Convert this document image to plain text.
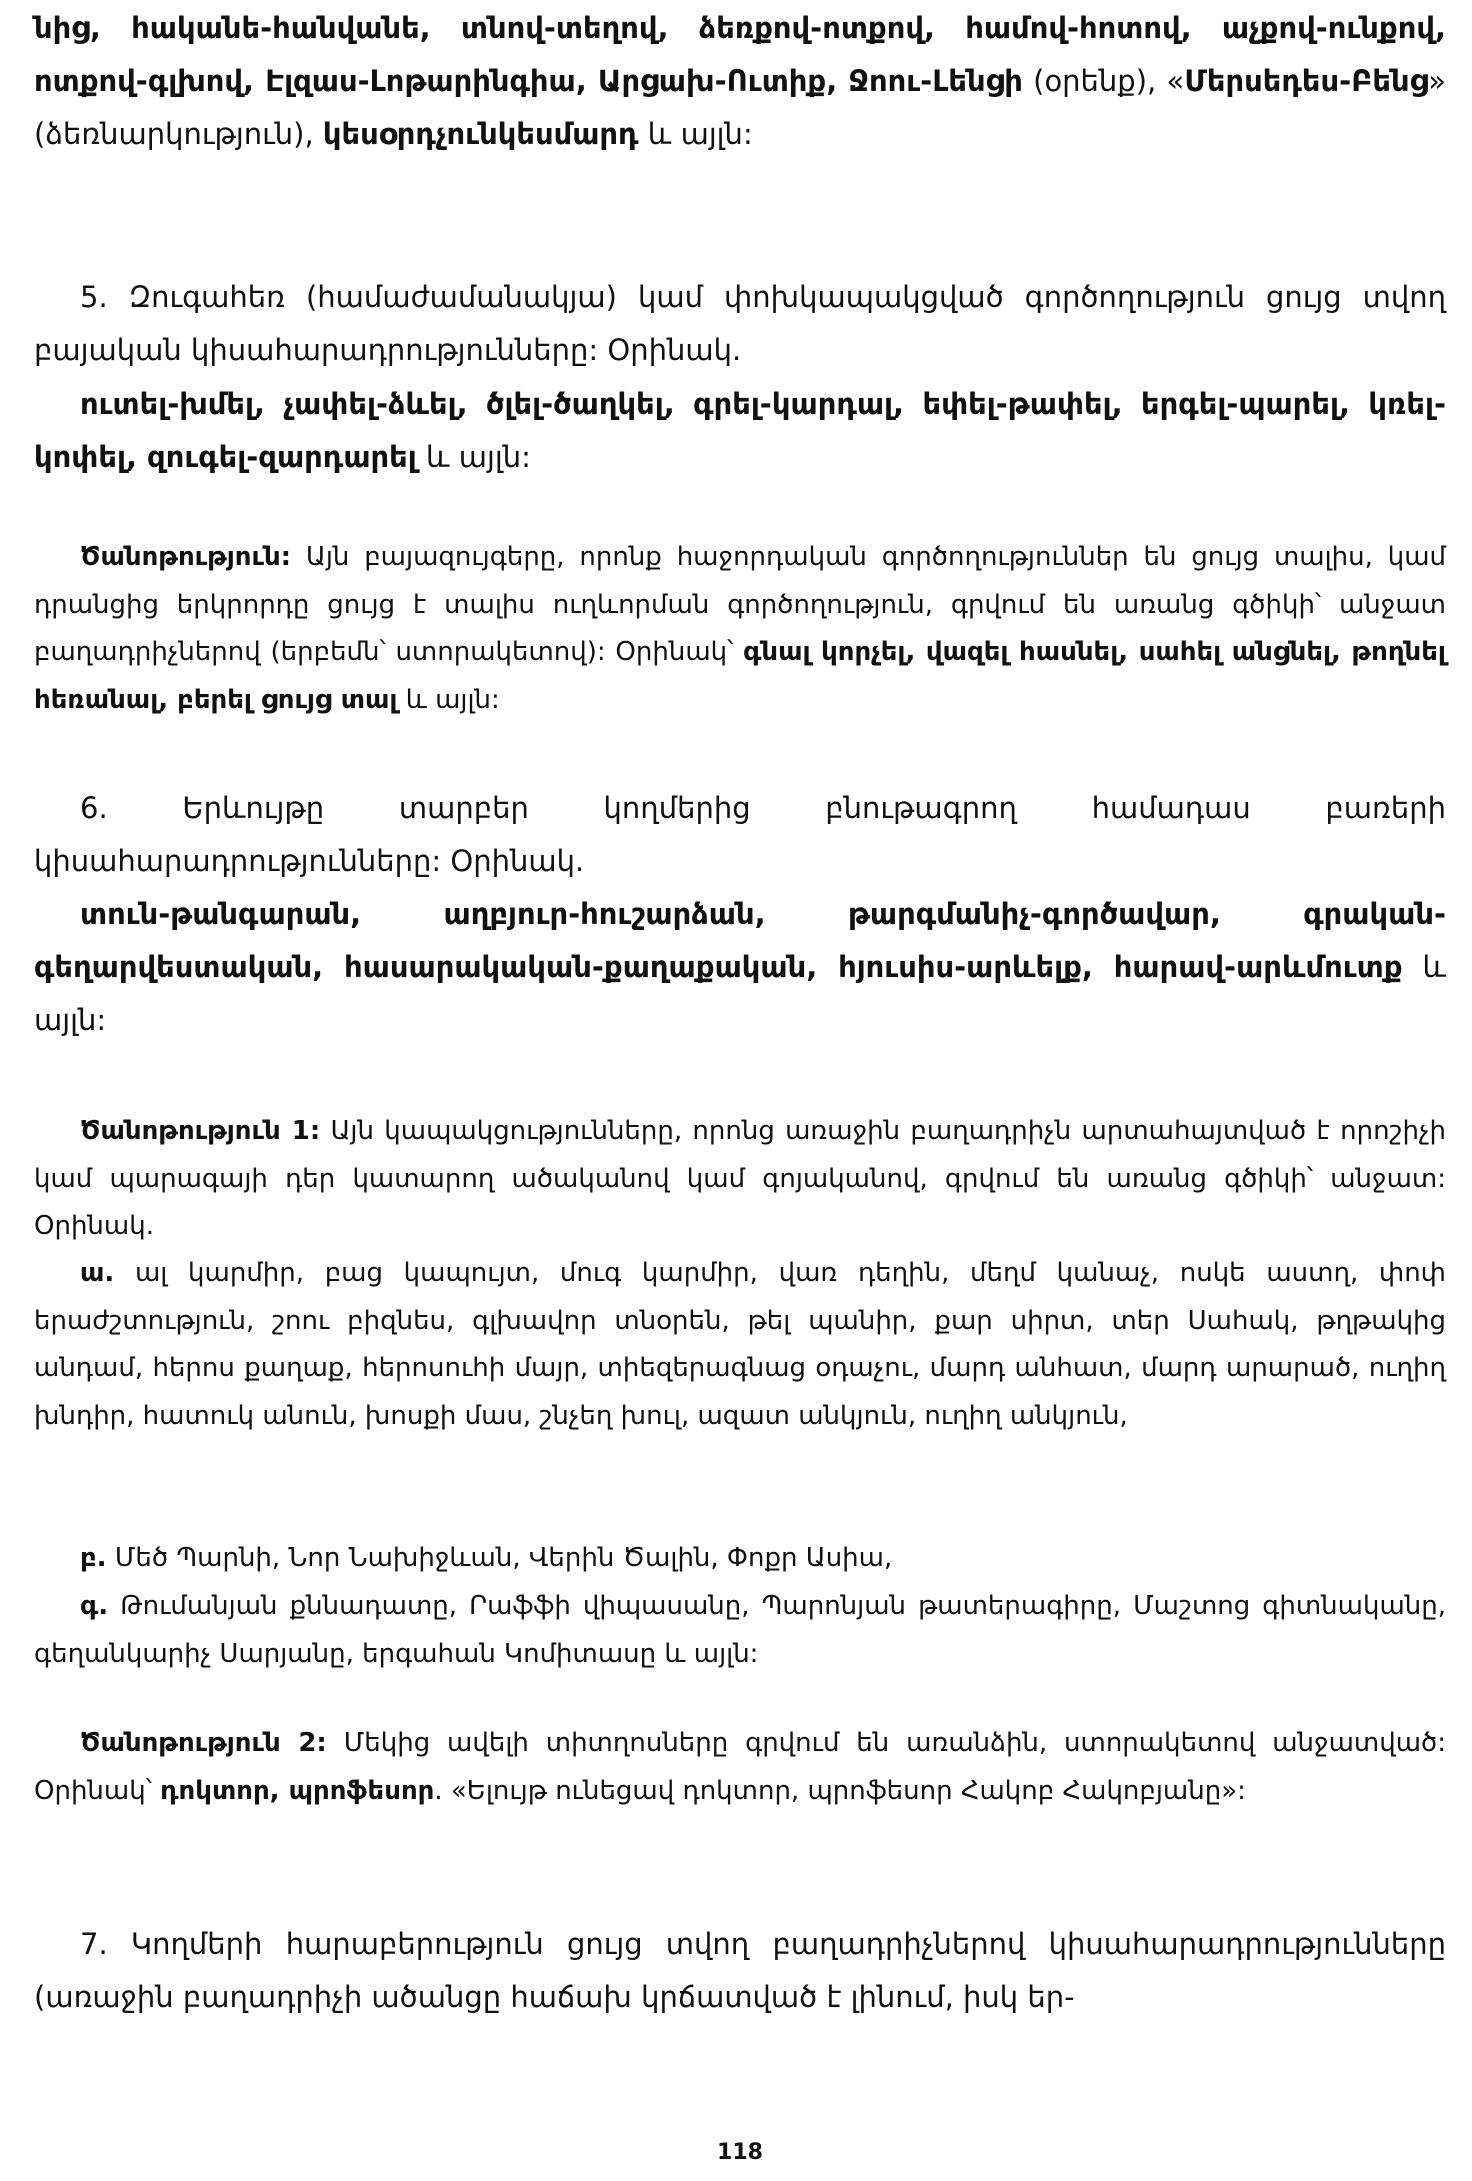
նից, հականե-հանվանե, տնով-տեղով, ձեռքով-ոտքով, համով-հոտով, աչքով-ունքով, ոտքով-գլխով, Էլզաս-Լոթարինգիա, Արցախ-Ուտիք, Ջոու-Լենցի (օրենք), «Մերսեդես-Բենց» (ձեռնարկություն), կեսօրդչունկեսմարդ և այլն:

5. Զուգահեռ (համաժամանակյա) կամ փոխկապակցված գործողություն ցույց տվող բայական կիսահարադրությունները: Օրինակ.

ուտել-խմել, չափել-ձևել, ծլել-ծաղկել, գրել-կարդալ, եփել-թափել, երգել-պարել, կռել-կոփել, զուգել-զարդարել և այլն:

Ծանոթություն: Այն բայազույգերը, որոնք հաջորդական գործողություններ են ցույց տալիս, կամ դրանցից երկրորդը ցույց է տալիս ուղևորման գործողություն, գրվում են առանց գծիկի՝ անջատ բաղադրիչներով (երբեմն՝ ստորակետով): Օրինակ՝ գնալ կորչել, վազել հասնել, սահել անցնել, թողնել հեռանալ, բերել ցույց տալ և այլն:

6. Երևույթը տարբեր կողմերից բնութագրող համադաս բառերի կիսահարադրությունները: Օրինակ.

տուն-թանգարան, աղբյուր-հուշարձան, թարգմանիչ-գործավար, գրական-գեղարվեստական, հասարակական-քաղաքական, հյուսիս-արևելք, հարավ-արևմուտք և այլն:

Ծանոթություն 1: Այն կապակցությունները, որոնց առաջին բաղադրիչն արտահայտված է որոշիչի կամ պարագայի դեր կատարող ածականով կամ գոյականով, գրվում են առանց գծիկի՝ անջատ: Օրինակ.

ա. ալ կարմիր, բաց կապույտ, մուգ կարմիր, վառ դեղին, մեղմ կանաչ, ոսկե աստղ, փոփ երաժշտություն, շոու բիզնես, գլխավոր տնօրեն, թել պանիր, քար սիրտ, տեր Սահակ, թղթակից անդամ, հերոս քաղաք, հերոսուհի մայր, տիեզերագնաց օդաչու, մարդ անհատ, մարդ արարած, ուղիղ խնդիր, հատուկ անուն, խոսքի մաս, շնչեղ խուլ, ազատ անկյուն, ուղիղ անկյուն,

բ. Մեծ Պարնի, Նոր Նախիջևան, Վերին Ծալին, Փոքր Ասիա,

գ. Թումանյան քննադատը, Րաֆֆի վիպասանը, Պարոնյան թատերագիրը, Մաշտոց գիտնականը, գեղանկարիչ Սարյանը, երգահան Կոմիտասը և այլն:

Ծանոթություն 2: Մեկից ավելի տիտղոսները գրվում են առանձին, ստորակետով անջատված: Օրինակ՝ դոկտոր, պրոֆեսոր. «Ելույթ ունեցավ դոկտոր, պրոֆեսոր Հակոբ Հակոբյանը»:

7. Կողմերի հարաբերություն ցույց տվող բաղադրիչներով կիսահարադրությունները (առաջին բաղադրիչի ածանցը հաճախ կրճատված է լինում, իսկ եր-

118
